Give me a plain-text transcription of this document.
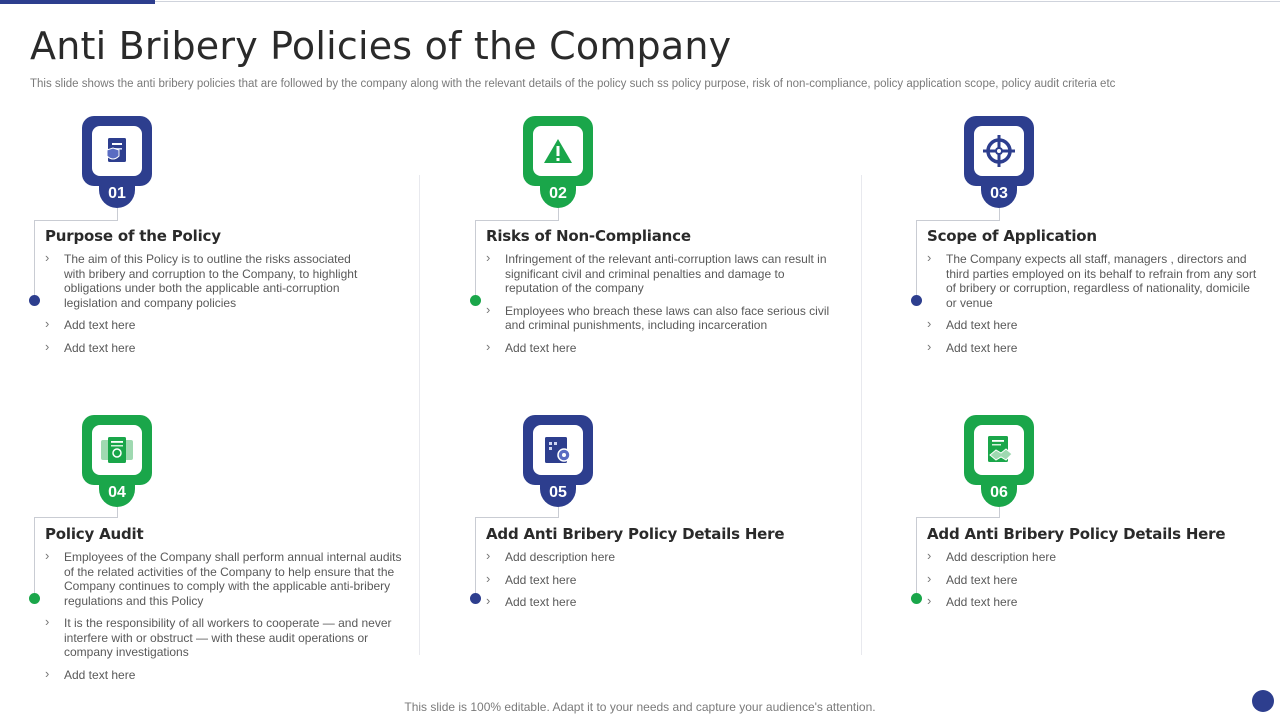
Anti Bribery Policies of the Company

This slide shows the anti bribery policies that are followed by the company along with the relevant details of the policy such ss policy purpose, risk of non-compliance, policy application scope, policy audit criteria etc

01
Purpose of the Policy
› The aim of this Policy is to outline the risks associated with bribery and corruption to the Company, to highlight obligations under both the applicable anti-corruption legislation and company policies
› Add text here
› Add text here
02
Risks of Non-Compliance
› Infringement of the relevant anti-corruption laws can result in significant civil and criminal penalties and damage to reputation of the company
› Employees who breach these laws can also face serious civil and criminal punishments, including incarceration
› Add text here
03
Scope of Application
› The Company expects all staff, managers , directors and third parties employed on its behalf to refrain from any sort of bribery or corruption, regardless of nationality, domicile or venue
› Add text here
› Add text here
04
Policy Audit
› Employees of the Company shall perform annual internal audits of the related activities of the Company to help ensure that the Company continues to comply with the applicable anti-bribery regulations and this Policy
› It is the responsibility of all workers to cooperate — and never interfere with or obstruct — with these audit operations or company investigations
› Add text here
05
Add Anti Bribery Policy Details Here
› Add description here
› Add text here
› Add text here
06
Add Anti Bribery Policy Details Here
› Add description here
› Add text here
› Add text here

This slide is 100% editable. Adapt it to your needs and capture your audience's attention.
